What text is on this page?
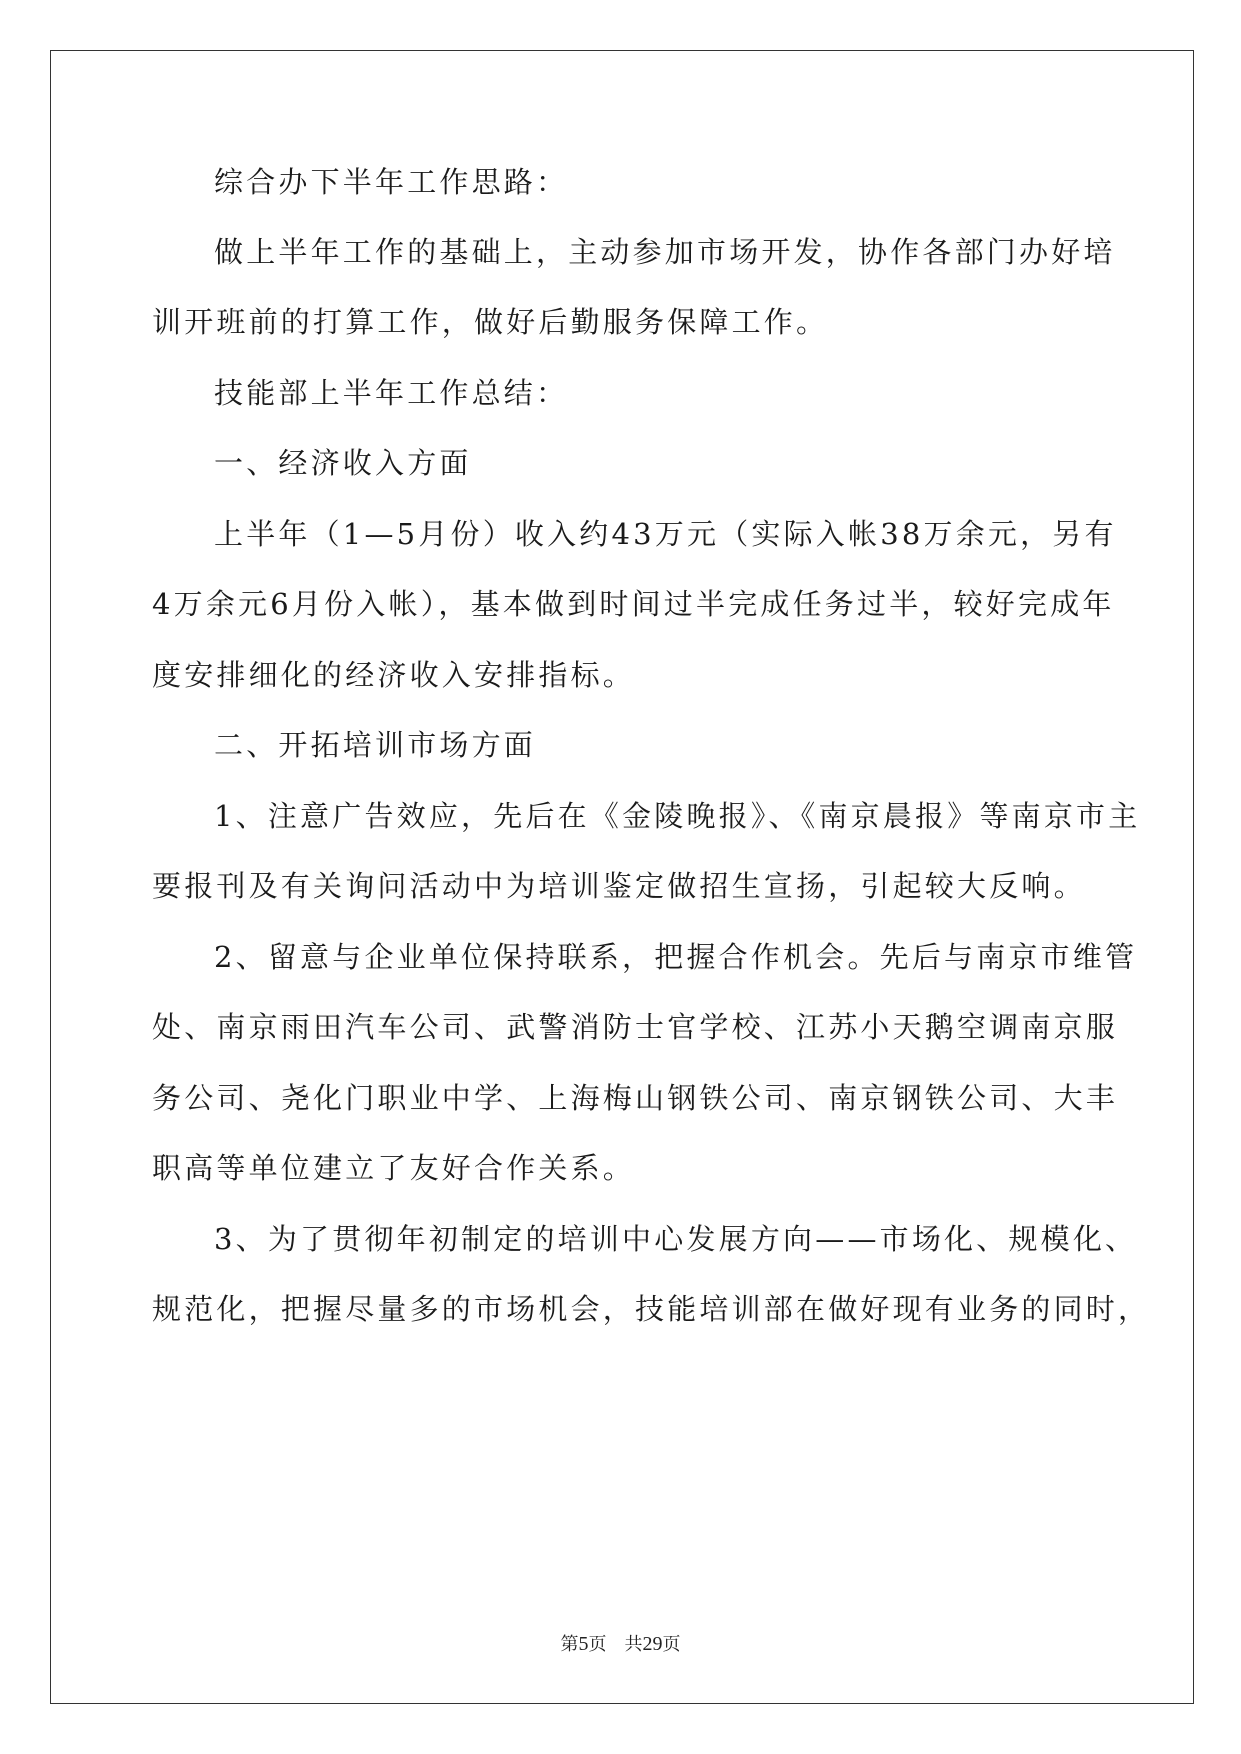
综合办下半年工作思路：
做上半年工作的基础上，主动参加市场开发，协作各部门办好培
训开班前的打算工作，做好后勤服务保障工作。
技能部上半年工作总结：
一、经济收入方面
上半年（1—5月份）收入约43万元（实际入帐38万余元，另有
4万余元6月份入帐），基本做到时间过半完成任务过半，较好完成年
度安排细化的经济收入安排指标。
二、开拓培训市场方面
1、注意广告效应，先后在《金陵晚报》、《南京晨报》等南京市主
要报刊及有关询问活动中为培训鉴定做招生宣扬，引起较大反响。
2、留意与企业单位保持联系，把握合作机会。先后与南京市维管
处、南京雨田汽车公司、武警消防士官学校、江苏小天鹅空调南京服
务公司、尧化门职业中学、上海梅山钢铁公司、南京钢铁公司、大丰
职高等单位建立了友好合作关系。
3、为了贯彻年初制定的培训中心发展方向——市场化、规模化、
规范化，把握尽量多的市场机会，技能培训部在做好现有业务的同时，
第5页　共29页
